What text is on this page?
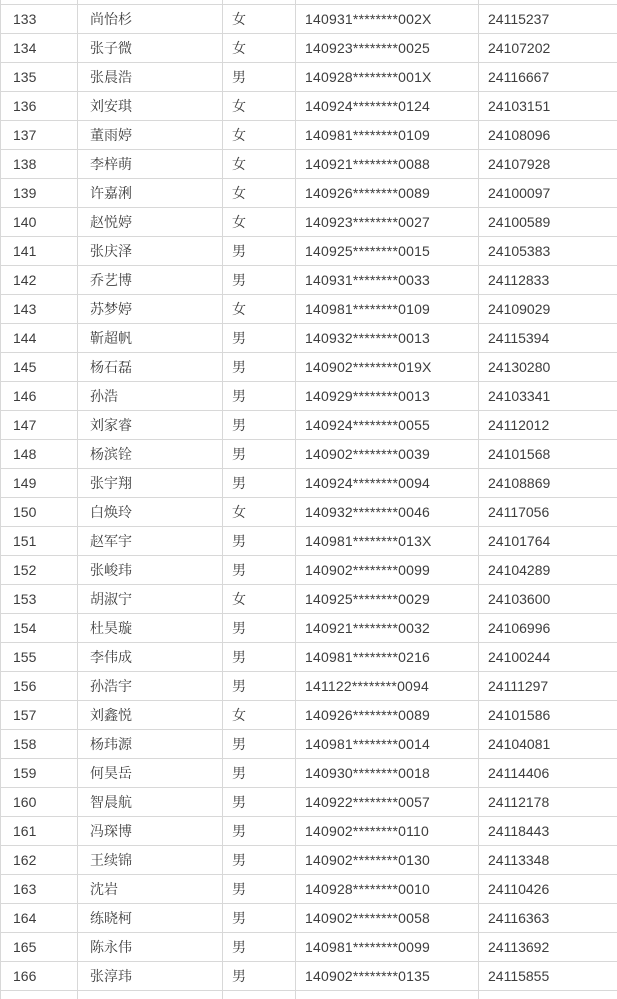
133	尚怡杉	女	140931********002X	24115237
134	张子微	女	140923********0025	24107202
135	张晨浩	男	140928********001X	24116667
136	刘安琪	女	140924********0124	24103151
137	董雨婷	女	140981********0109	24108096
138	李梓萌	女	140921********0088	24107928
139	许嘉浰	女	140926********0089	24100097
140	赵悦婷	女	140923********0027	24100589
141	张庆泽	男	140925********0015	24105383
142	乔艺博	男	140931********0033	24112833
143	苏梦婷	女	140981********0109	24109029
144	靳超帆	男	140932********0013	24115394
145	杨石磊	男	140902********019X	24130280
146	孙浩	男	140929********0013	24103341
147	刘家睿	男	140924********0055	24112012
148	杨滨铨	男	140902********0039	24101568
149	张宇翔	男	140924********0094	24108869
150	白焕玲	女	140932********0046	24117056
151	赵军宇	男	140981********013X	24101764
152	张峻玮	男	140902********0099	24104289
153	胡淑宁	女	140925********0029	24103600
154	杜昊璇	男	140921********0032	24106996
155	李伟成	男	140981********0216	24100244
156	孙浩宇	男	141122********0094	24111297
157	刘鑫悦	女	140926********0089	24101586
158	杨玮源	男	140981********0014	24104081
159	何昊岳	男	140930********0018	24114406
160	智晨航	男	140922********0057	24112178
161	冯琛博	男	140902********0110	24118443
162	王续锦	男	140902********0130	24113348
163	沈岩	男	140928********0010	24110426
164	练晓柯	男	140902********0058	24116363
165	陈永伟	男	140981********0099	24113692
166	张淳玮	男	140902********0135	24115855
